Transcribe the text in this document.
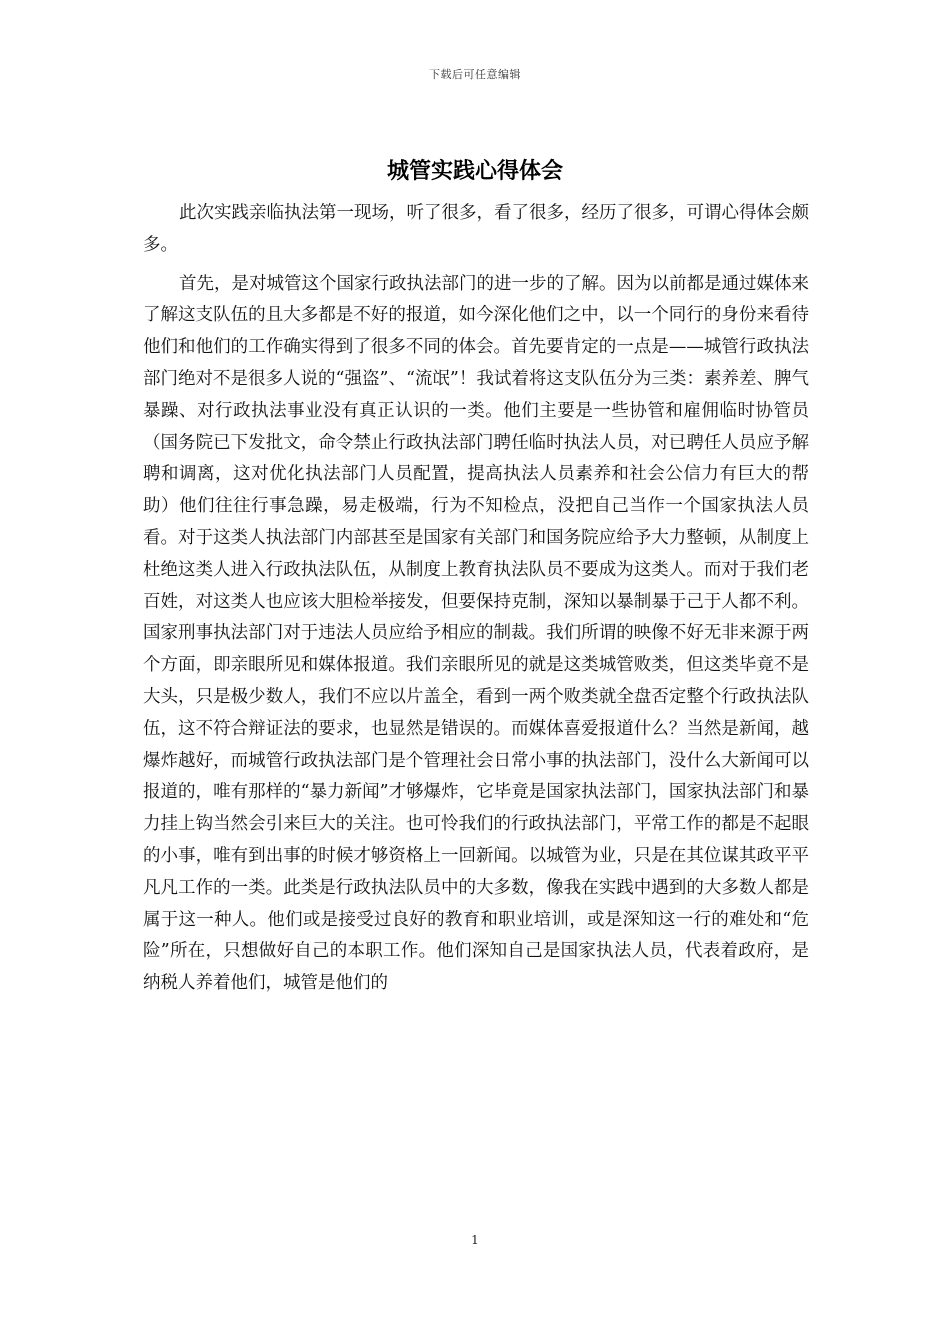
下载后可任意编辑
城管实践心得体会

此次实践亲临执法第一现场，听了很多，看了很多，经历了很多，可谓心得体会颇多。

首先，是对城管这个国家行政执法部门的进一步的了解。因为以前都是通过媒体来了解这支队伍的且大多都是不好的报道，如今深化他们之中，以一个同行的身份来看待他们和他们的工作确实得到了很多不同的体会。首先要肯定的一点是——城管行政执法部门绝对不是很多人说的“强盗”、“流氓”！我试着将这支队伍分为三类：素养差、脾气暴躁、对行政执法事业没有真正认识的一类。他们主要是一些协管和雇佣临时协管员（国务院已下发批文，命令禁止行政执法部门聘任临时执法人员，对已聘任人员应予解聘和调离，这对优化执法部门人员配置，提高执法人员素养和社会公信力有巨大的帮助）他们往往行事急躁，易走极端，行为不知检点，没把自己当作一个国家执法人员看。对于这类人执法部门内部甚至是国家有关部门和国务院应给予大力整顿，从制度上杜绝这类人进入行政执法队伍，从制度上教育执法队员不要成为这类人。而对于我们老百姓，对这类人也应该大胆检举接发，但要保持克制，深知以暴制暴于己于人都不利。国家刑事执法部门对于违法人员应给予相应的制裁。我们所谓的映像不好无非来源于两个方面，即亲眼所见和媒体报道。我们亲眼所见的就是这类城管败类，但这类毕竟不是大头，只是极少数人，我们不应以片盖全，看到一两个败类就全盘否定整个行政执法队伍，这不符合辩证法的要求，也显然是错误的。而媒体喜爱报道什么？当然是新闻，越爆炸越好，而城管行政执法部门是个管理社会日常小事的执法部门，没什么大新闻可以报道的，唯有那样的“暴力新闻”才够爆炸，它毕竟是国家执法部门，国家执法部门和暴力挂上钩当然会引来巨大的关注。也可怜我们的行政执法部门，平常工作的都是不起眼的小事，唯有到出事的时候才够资格上一回新闻。以城管为业，只是在其位谋其政平平凡凡工作的一类。此类是行政执法队员中的大多数，像我在实践中遇到的大多数人都是属于这一种人。他们或是接受过良好的教育和职业培训，或是深知这一行的难处和“危险”所在，只想做好自己的本职工作。他们深知自己是国家执法人员，代表着政府，是纳税人养着他们，城管是他们的

1
